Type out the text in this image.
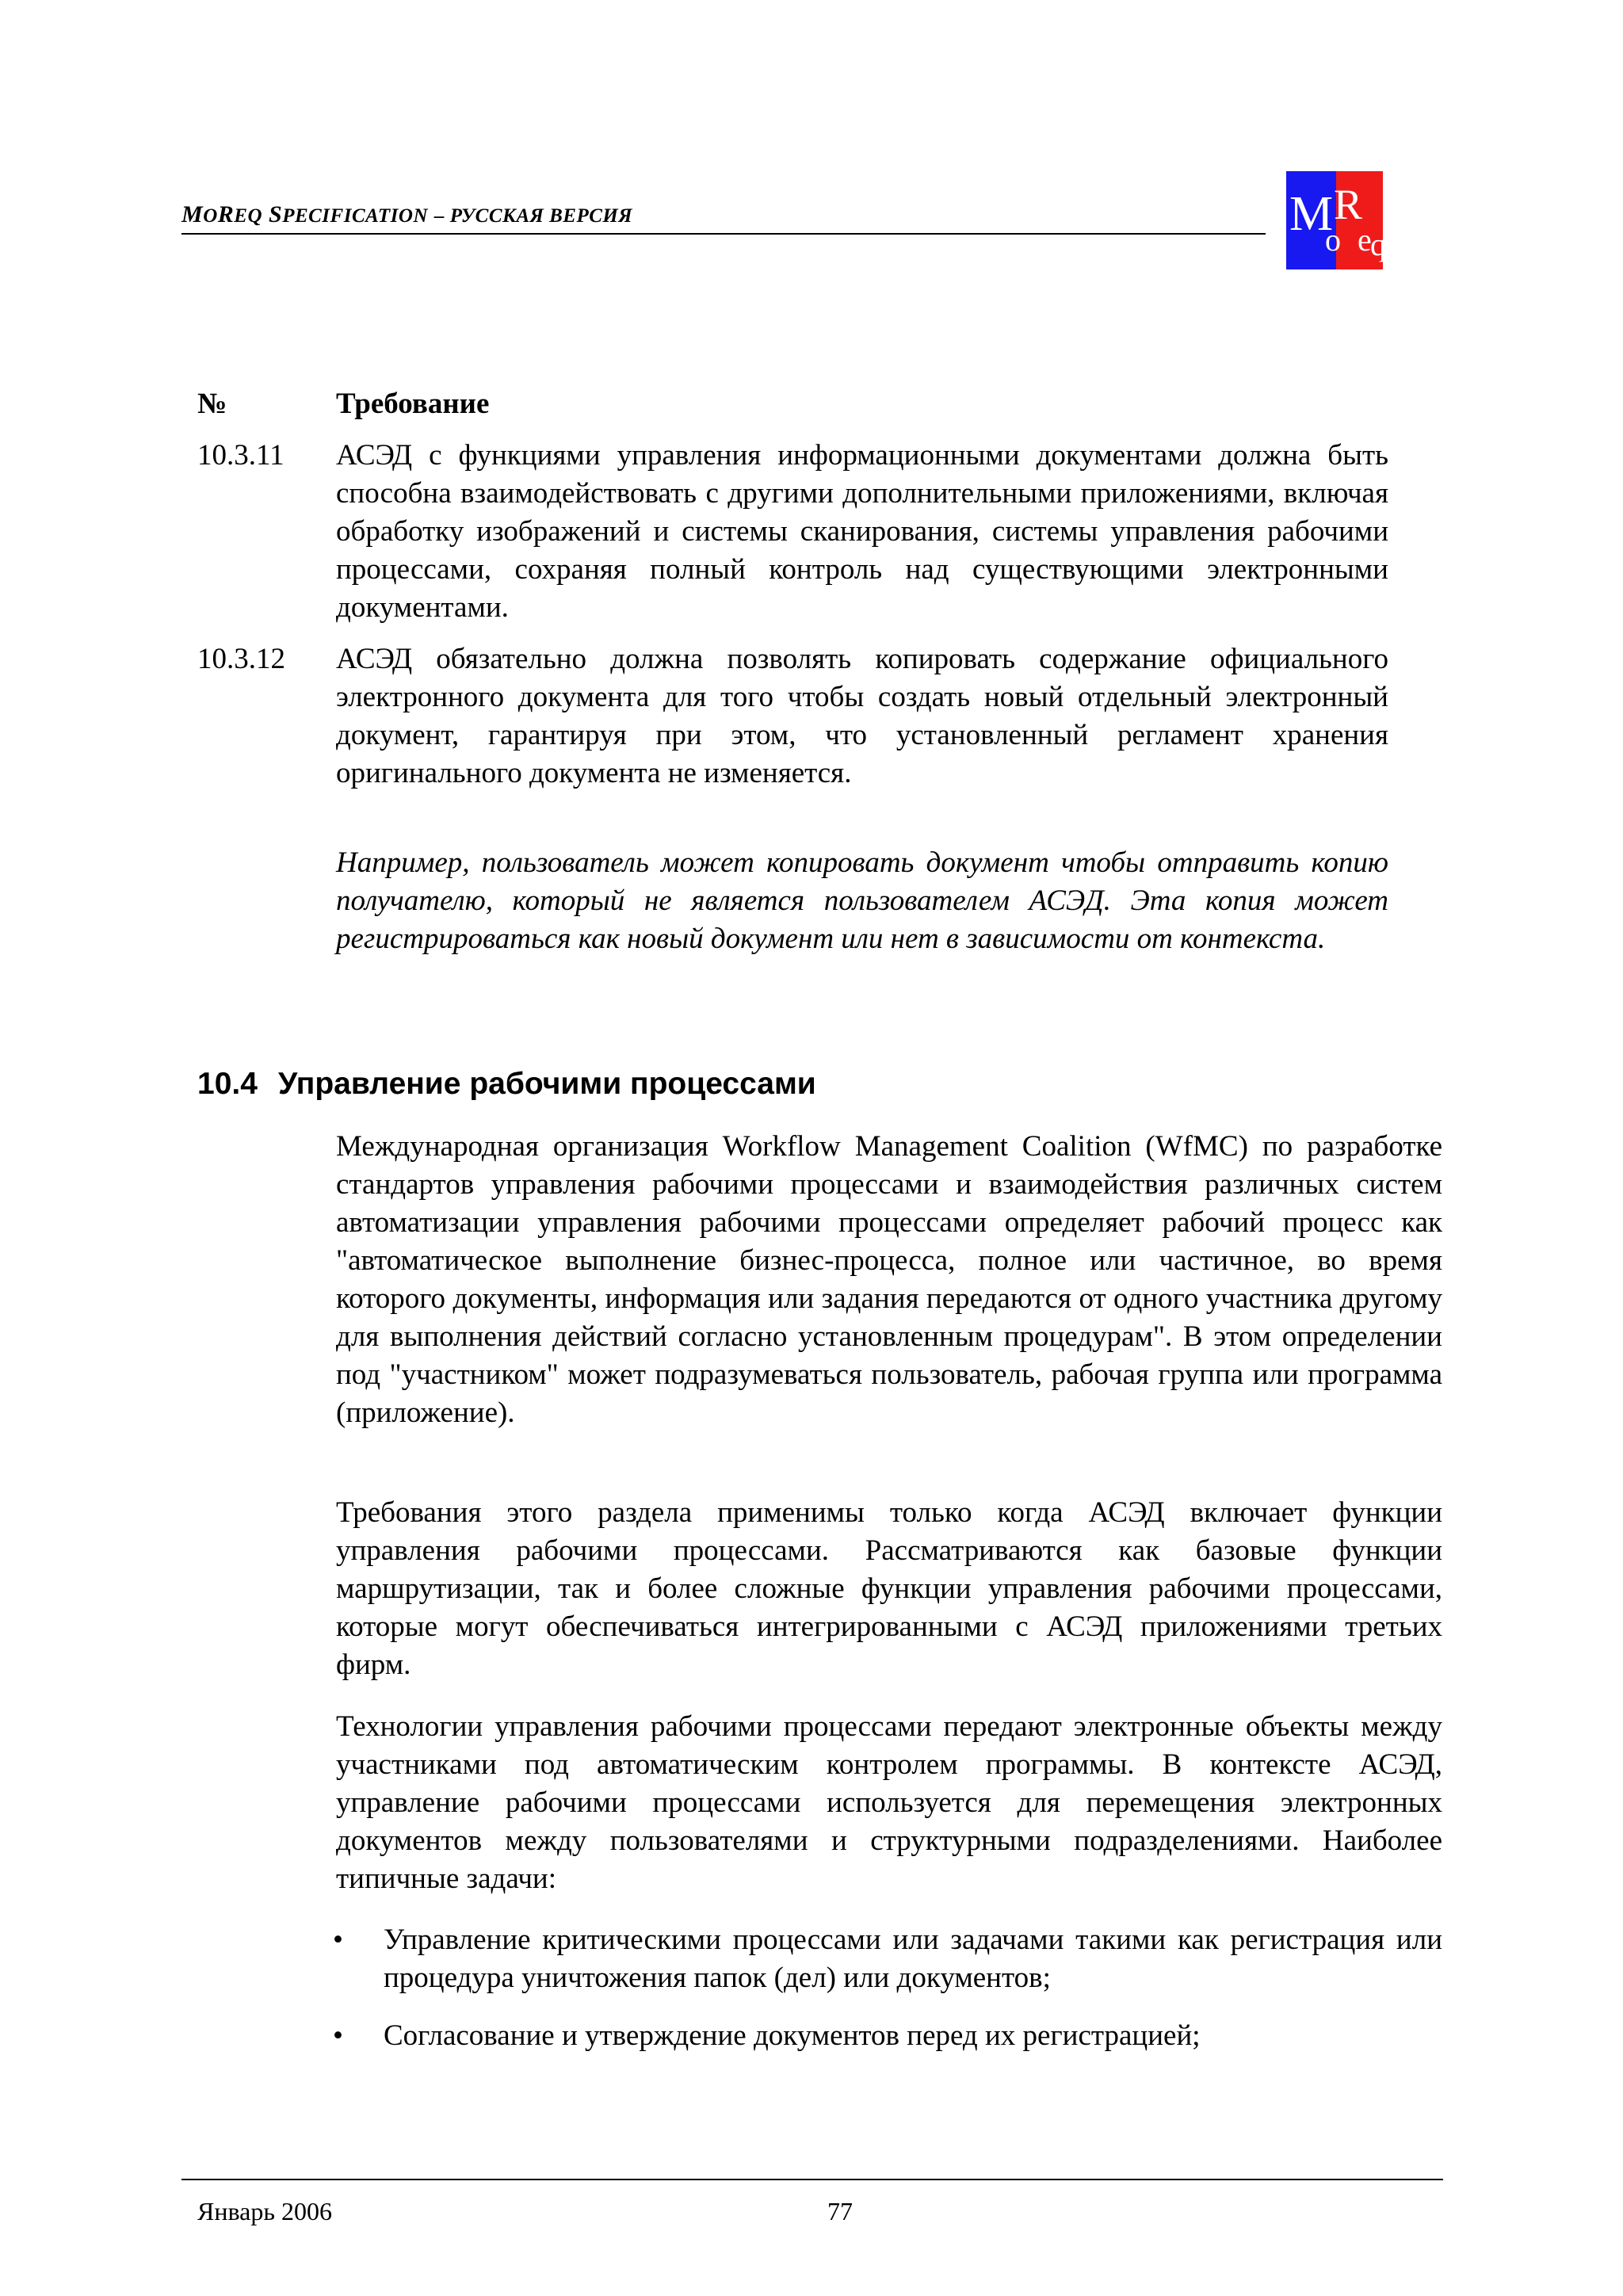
MOREQ SPECIFICATION – РУССКАЯ ВЕРСИЯ	M
o
R
e
q
№	Требование
10.3.11 АСЭД с функциями управления информационными документами должна быть способна взаимодействовать с другими дополнительными приложениями, включая обработку изображений и системы сканирования, системы управления рабочими процессами, сохраняя полный контроль над существующими электронными документами.
10.3.12 АСЭД обязательно должна позволять копировать содержание официального электронного документа для того чтобы создать новый отдельный электронный документ, гарантируя при этом, что установленный регламент хранения оригинального документа не изменяется.
Например, пользователь может копировать документ чтобы отправить копию получателю, который не является пользователем АСЭД. Эта копия может регистрироваться как новый документ или нет в зависимости от контекста.
10.4 Управление рабочими процессами

Международная организация Workflow Management Coalition (WfMC) по разработке стандартов управления рабочими процессами и взаимодействия различных систем автоматизации управления рабочими процессами определяет рабочий процесс как "автоматическое выполнение бизнес-процесса, полное или частичное, во время которого документы, информация или задания передаются от одного участника другому для выполнения действий согласно установленным процедурам". В этом определении под "участником" может подразумеваться пользователь, рабочая группа или программа (приложение).

Требования этого раздела применимы только когда АСЭД включает функции управления рабочими процессами. Рассматриваются как базовые функции маршрутизации, так и более сложные функции управления рабочими процессами, которые могут обеспечиваться интегрированными с АСЭД приложениями третьих фирм.

Технологии управления рабочими процессами передают электронные объекты между участниками под автоматическим контролем программы. В контексте АСЭД, управление рабочими процессами используется для перемещения электронных документов между пользователями и структурными подразделениями. Наиболее типичные задачи:

• Управление критическими процессами или задачами такими как регистрация или процедура уничтожения папок (дел) или документов;
• Согласование и утверждение документов перед их регистрацией;
Январь 2006	77
